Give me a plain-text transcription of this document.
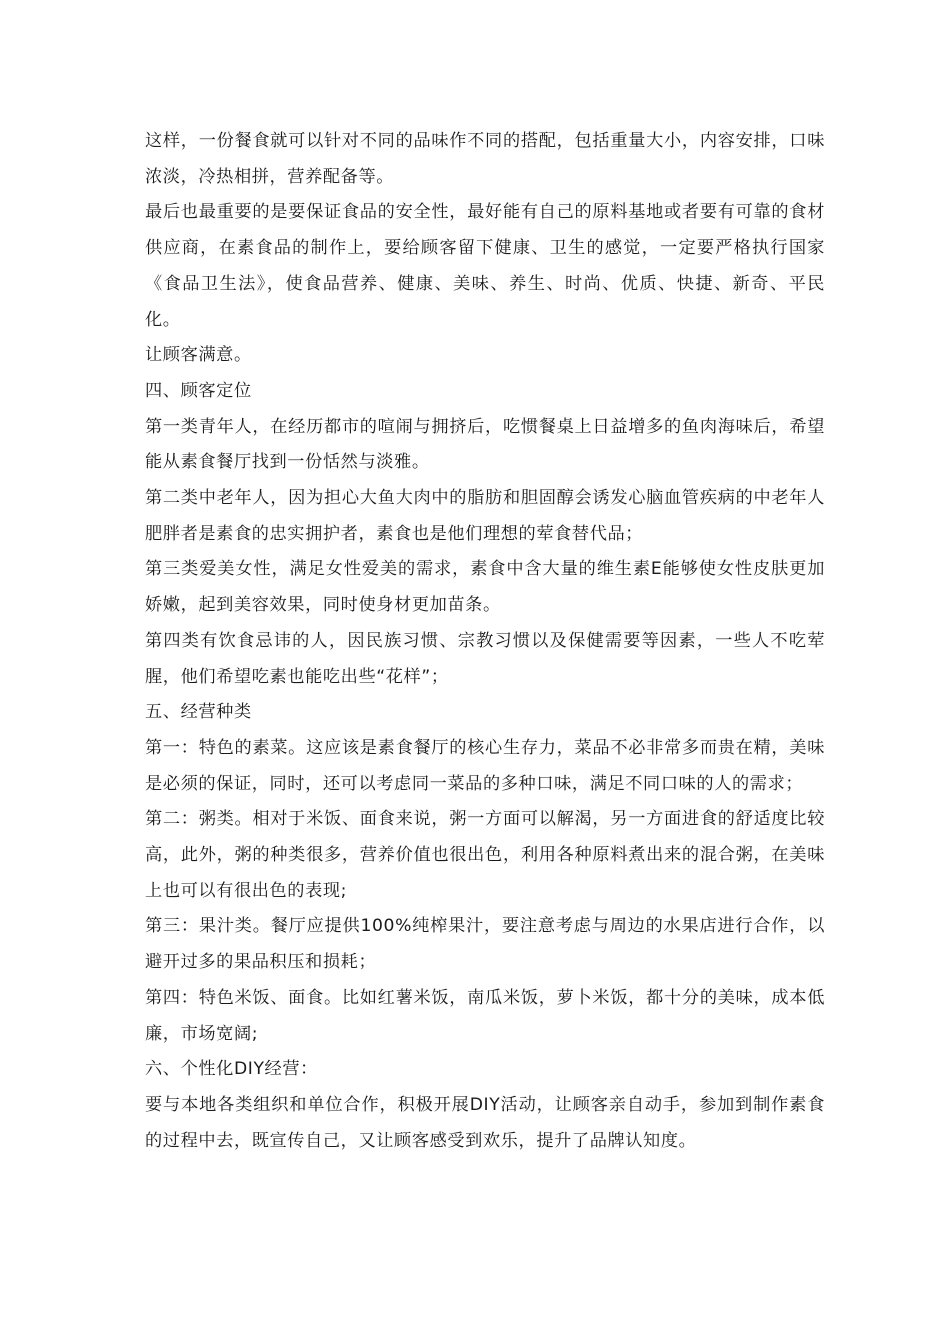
这样，一份餐食就可以针对不同的品味作不同的搭配，包括重量大小，内容安排，口味浓淡，冷热相拼，营养配备等。

最后也最重要的是要保证食品的安全性，最好能有自己的原料基地或者要有可靠的食材供应商，在素食品的制作上，要给顾客留下健康、卫生的感觉，一定要严格执行国家《食品卫生法》，使食品营养、健康、美味、养生、时尚、优质、快捷、新奇、平民化。

让顾客满意。

四、顾客定位

第一类青年人，在经历都市的喧闹与拥挤后，吃惯餐桌上日益增多的鱼肉海味后，希望能从素食餐厅找到一份恬然与淡雅。

第二类中老年人，因为担心大鱼大肉中的脂肪和胆固醇会诱发心脑血管疾病的中老年人肥胖者是素食的忠实拥护者，素食也是他们理想的荤食替代品；

第三类爱美女性，满足女性爱美的需求，素食中含大量的维生素E能够使女性皮肤更加娇嫩，起到美容效果，同时使身材更加苗条。

第四类有饮食忌讳的人，因民族习惯、宗教习惯以及保健需要等因素，一些人不吃荤腥，他们希望吃素也能吃出些“花样”；

五、经营种类

第一：特色的素菜。这应该是素食餐厅的核心生存力，菜品不必非常多而贵在精，美味是必须的保证，同时，还可以考虑同一菜品的多种口味，满足不同口味的人的需求；

第二：粥类。相对于米饭、面食来说，粥一方面可以解渴，另一方面进食的舒适度比较高，此外，粥的种类很多，营养价值也很出色，利用各种原料煮出来的混合粥，在美味上也可以有很出色的表现;

第三：果汁类。餐厅应提供100%纯榨果汁，要注意考虑与周边的水果店进行合作，以避开过多的果品积压和损耗；

第四：特色米饭、面食。比如红薯米饭，南瓜米饭，萝卜米饭，都十分的美味，成本低廉，市场宽阔;

六、个性化DIY经营：

要与本地各类组织和单位合作，积极开展DIY活动，让顾客亲自动手，参加到制作素食的过程中去，既宣传自己，又让顾客感受到欢乐，提升了品牌认知度。
